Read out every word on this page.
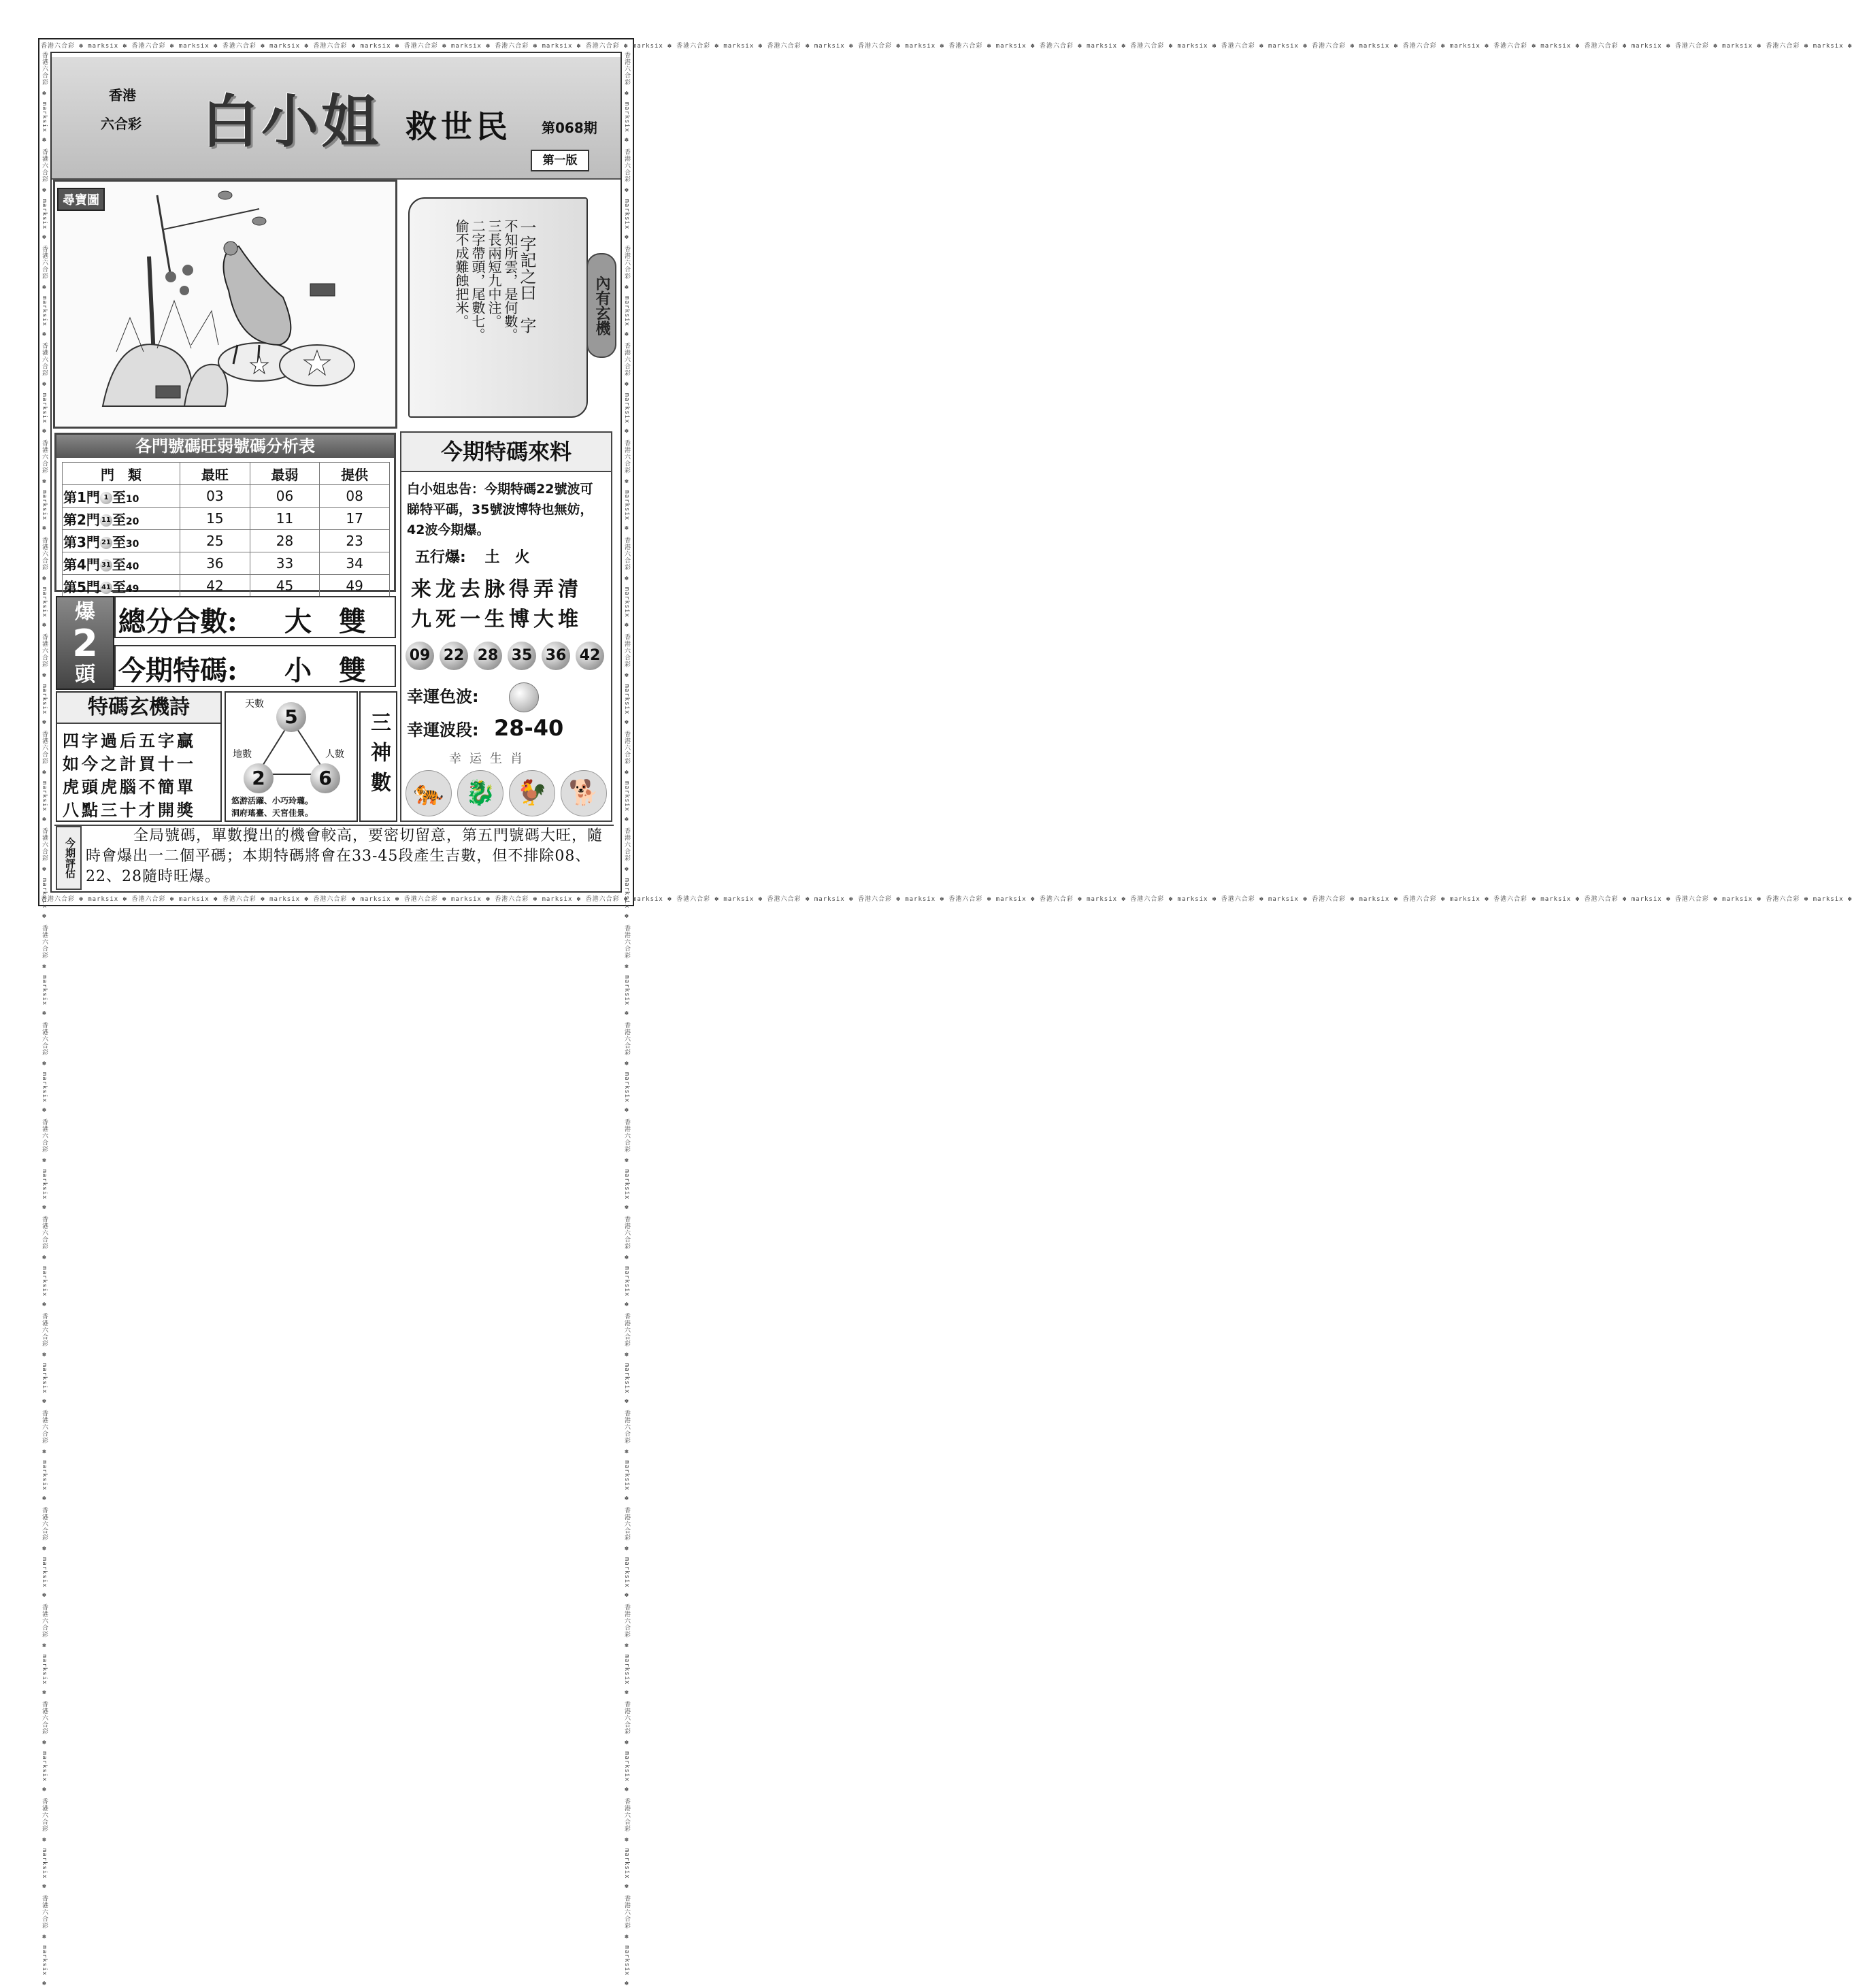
香港六合彩 ✽ marksix ✽ 香港六合彩 ✽ marksix ✽ 香港六合彩 ✽ marksix ✽ 香港六合彩 ✽ marksix ✽ 香港六合彩 ✽ marksix ✽ 香港六合彩 ✽ marksix ✽ 香港六合彩 ✽ marksix ✽ 香港六合彩 ✽ marksix ✽ 香港六合彩 ✽ marksix ✽ 香港六合彩 ✽ marksix ✽ 香港六合彩 ✽ marksix ✽ 香港六合彩 ✽ marksix ✽ 香港六合彩 ✽ marksix ✽ 香港六合彩 ✽ marksix ✽ 香港六合彩 ✽ marksix ✽ 香港六合彩 ✽ marksix ✽ 香港六合彩 ✽ marksix ✽ 香港六合彩 ✽ marksix ✽ 香港六合彩 ✽ marksix ✽ 香港六合彩 ✽ marksix ✽
香港六合彩 ✽ marksix ✽ 香港六合彩 ✽ marksix ✽ 香港六合彩 ✽ marksix ✽ 香港六合彩 ✽ marksix ✽ 香港六合彩 ✽ marksix ✽ 香港六合彩 ✽ marksix ✽ 香港六合彩 ✽ marksix ✽ 香港六合彩 ✽ marksix ✽ 香港六合彩 ✽ marksix ✽ 香港六合彩 ✽ marksix ✽ 香港六合彩 ✽ marksix ✽ 香港六合彩 ✽ marksix ✽ 香港六合彩 ✽ marksix ✽ 香港六合彩 ✽ marksix ✽ 香港六合彩 ✽ marksix ✽ 香港六合彩 ✽ marksix ✽ 香港六合彩 ✽ marksix ✽ 香港六合彩 ✽ marksix ✽ 香港六合彩 ✽ marksix ✽ 香港六合彩 ✽ marksix ✽
香港六合彩 ✽ marksix ✽ 香港六合彩 ✽ marksix ✽ 香港六合彩 ✽ marksix ✽ 香港六合彩 ✽ marksix ✽ 香港六合彩 ✽ marksix ✽ 香港六合彩 ✽ marksix ✽ 香港六合彩 ✽ marksix ✽ 香港六合彩 ✽ marksix ✽ 香港六合彩 ✽ marksix ✽ 香港六合彩 ✽ marksix ✽ 香港六合彩 ✽ marksix ✽ 香港六合彩 ✽ marksix ✽ 香港六合彩 ✽ marksix ✽ 香港六合彩 ✽ marksix ✽ 香港六合彩 ✽ marksix ✽ 香港六合彩 ✽ marksix ✽ 香港六合彩 ✽ marksix ✽ 香港六合彩 ✽ marksix ✽ 香港六合彩 ✽ marksix ✽ 香港六合彩 ✽ marksix ✽	香港六合彩 ✽ marksix ✽ 香港六合彩 ✽ marksix ✽ 香港六合彩 ✽ marksix ✽ 香港六合彩 ✽ marksix ✽ 香港六合彩 ✽ marksix ✽ 香港六合彩 ✽ marksix ✽ 香港六合彩 ✽ marksix ✽ 香港六合彩 ✽ marksix ✽ 香港六合彩 ✽ marksix ✽ 香港六合彩 ✽ marksix ✽ 香港六合彩 ✽ marksix ✽ 香港六合彩 ✽ marksix ✽ 香港六合彩 ✽ marksix ✽ 香港六合彩 ✽ marksix ✽ 香港六合彩 ✽ marksix ✽ 香港六合彩 ✽ marksix ✽ 香港六合彩 ✽ marksix ✽ 香港六合彩 ✽ marksix ✽ 香港六合彩 ✽ marksix ✽ 香港六合彩 ✽ marksix ✽
香港
六合彩 白小姐 救世民 第068期
第一版
尋寶圖
一字記之曰　字
不知所雲，是何數。
三長兩短九中注。
二字帶頭，尾數七。
偷不成難蝕把米。	內有玄機
各門號碼旺弱號碼分析表
門　類	最旺	最弱	提供
第1門 1 至10	03	06	08
第2門 11 至20	15	11	17
第3門 21 至30	25	28	23
第4門 31 至40	36	33	34
第5門 41 至49	42	45	49
今期特碼來料
白小姐忠告：今期特碼22號波可睇特平碼，35號波博特也無妨，42波今期爆。
五行爆: 土　火
来龙去脉得弄清
九死一生博大堆
09 22 28 35 36 42
幸運色波:
幸運波段: 28-40
幸运生肖
🐅 🐉 🐓 🐕
爆
2
頭
總分合數: 大　雙
今期特碼: 小　雙
特碼玄機詩
四字過后五字贏
如今之計買十一
虎頭虎腦不簡單
八點三十才開獎
天數
5
地數
2
人數
6
悠游活躍、小巧玲瓏。
洞府瑤臺、天宮佳景。
三神數
今期評估
全局號碼，單數攪出的機會較高，要密切留意，第五門號碼大旺，隨時會爆出一二個平碼；本期特碼將會在33-45段產生吉數，但不排除08、22、28隨時旺爆。
